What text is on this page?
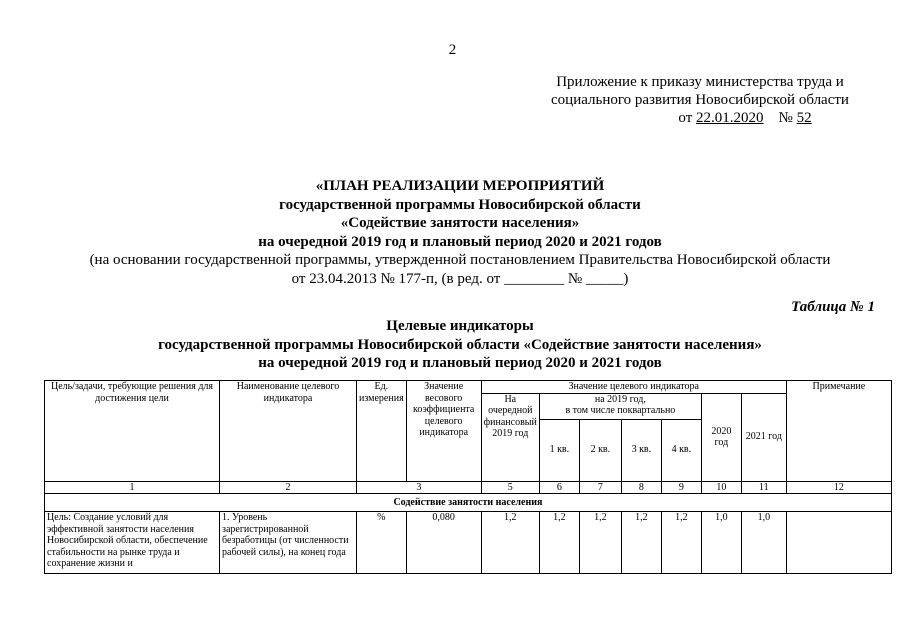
2
Приложение к приказу министерства труда и
социального развития Новосибирской области
от 22.01.2020 № 52
«ПЛАН РЕАЛИЗАЦИИ МЕРОПРИЯТИЙ
государственной программы Новосибирской области
«Содействие занятости населения»
на очередной 2019 год и плановый период 2020 и 2021 годов
(на основании государственной программы, утвержденной постановлением Правительства Новосибирской области
от 23.04.2013 № 177-п, (в ред. от ________ № _____)
Таблица № 1
Целевые индикаторы
государственной программы Новосибирской области «Содействие занятости населения»
на очередной 2019 год и плановый период 2020 и 2021 годов
Цель/задачи, требующие решения для достижения цели	Наименование целевого индикатора	Ед. измерения	Значение весового коэффициента целевого индикатора	Значение целевого индикатора							Примечание
				На очередной финансовый 2019 год	на 2019 год,
в том числе поквартально				2020 год	2021 год	
					1 кв.	2 кв.	3 кв.	4 кв.			
1	2	3		5	6	7	8	9	10	11	12
Содействие занятости населения											
Цель: Создание условий для эффективной занятости населения Новосибирской области, обеспечение стабильности на рынке труда и сохранение жизни и	1. Уровень зарегистрированной безработицы (от численности рабочей силы), на конец года	%	0,080	1,2	1,2	1,2	1,2	1,2	1,0	1,0	
